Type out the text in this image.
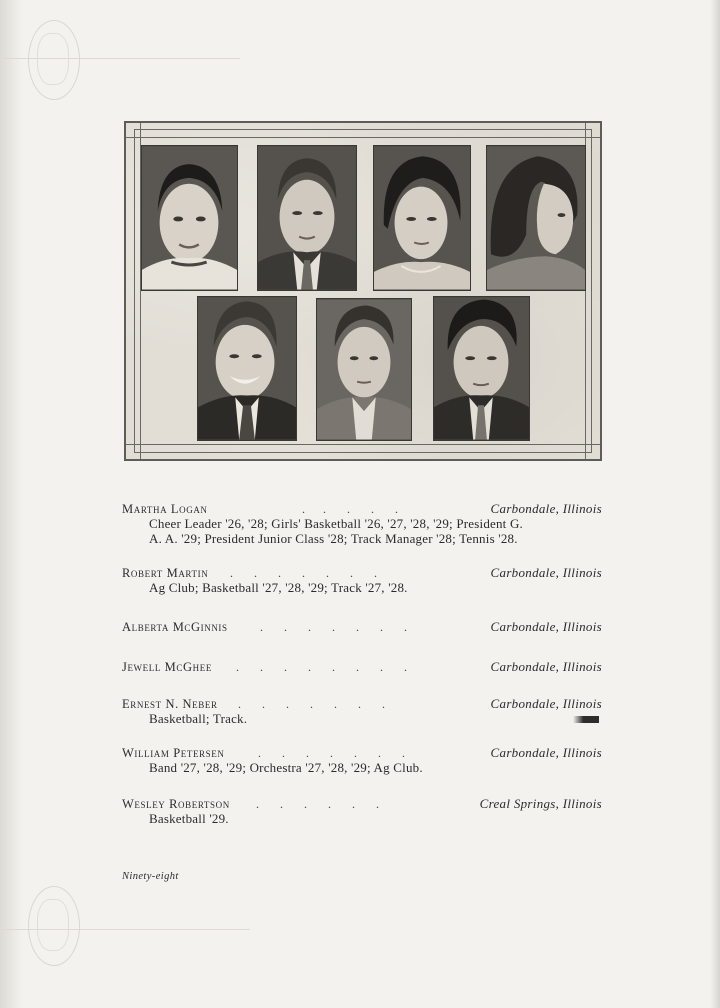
Martha Logan	.      .       .       .       .	Carbondale, Illinois
Cheer Leader '26, '28; Girls' Basketball '26, '27, '28, '29; President G.
A. A. '29; President Junior Class '28; Track Manager '28; Tennis '28.
Robert Martin .       .       .       .       .       .       .	Carbondale, Illinois
Ag Club; Basketball '27, '28, '29; Track '27, '28.
Alberta McGinnis	.       .       .       .       .       .       .	Carbondale, Illinois
Jewell McGhee .       .       .       .       .       .       .       .	Carbondale, Illinois
Ernest N. Neber .       .       .       .       .       .       .	Carbondale, Illinois
Basketball; Track.
William Petersen	.       .       .       .       .       .       .	Carbondale, Illinois
Band '27, '28, '29; Orchestra '27, '28, '29; Ag Club.
Wesley Robertson .       .       .       .       .       .	Creal Springs, Illinois
Basketball '29.
Ninety-eight
